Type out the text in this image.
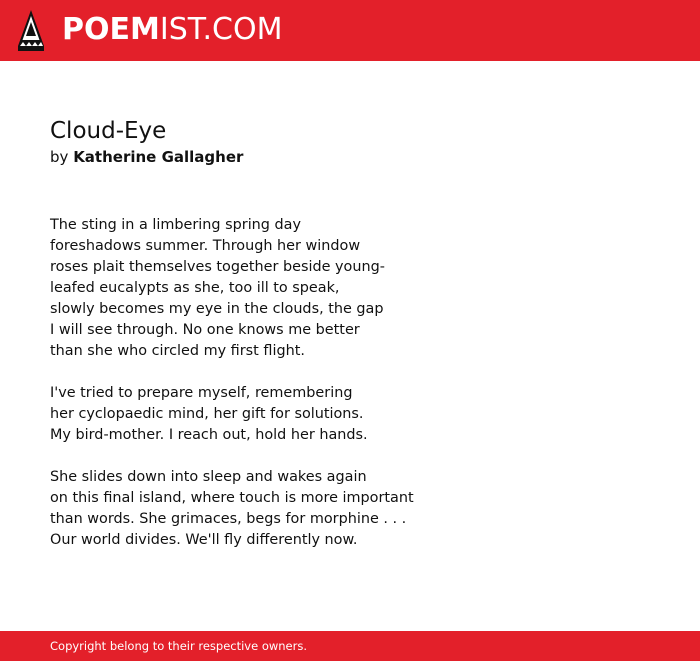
POEMIST.COM
Cloud-Eye
by Katherine Gallagher
The sting in a limbering spring day
foreshadows summer. Through her window
roses plait themselves together beside young-
leafed eucalypts as she, too ill to speak,
slowly becomes my eye in the clouds, the gap
I will see through. No one knows me better
than she who circled my first flight.
I've tried to prepare myself, remembering
her cyclopaedic mind, her gift for solutions.
My bird-mother. I reach out, hold her hands.
She slides down into sleep and wakes again
on this final island, where touch is more important
than words. She grimaces, begs for morphine . . .
Our world divides. We'll fly differently now.
Copyright belong to their respective owners.
